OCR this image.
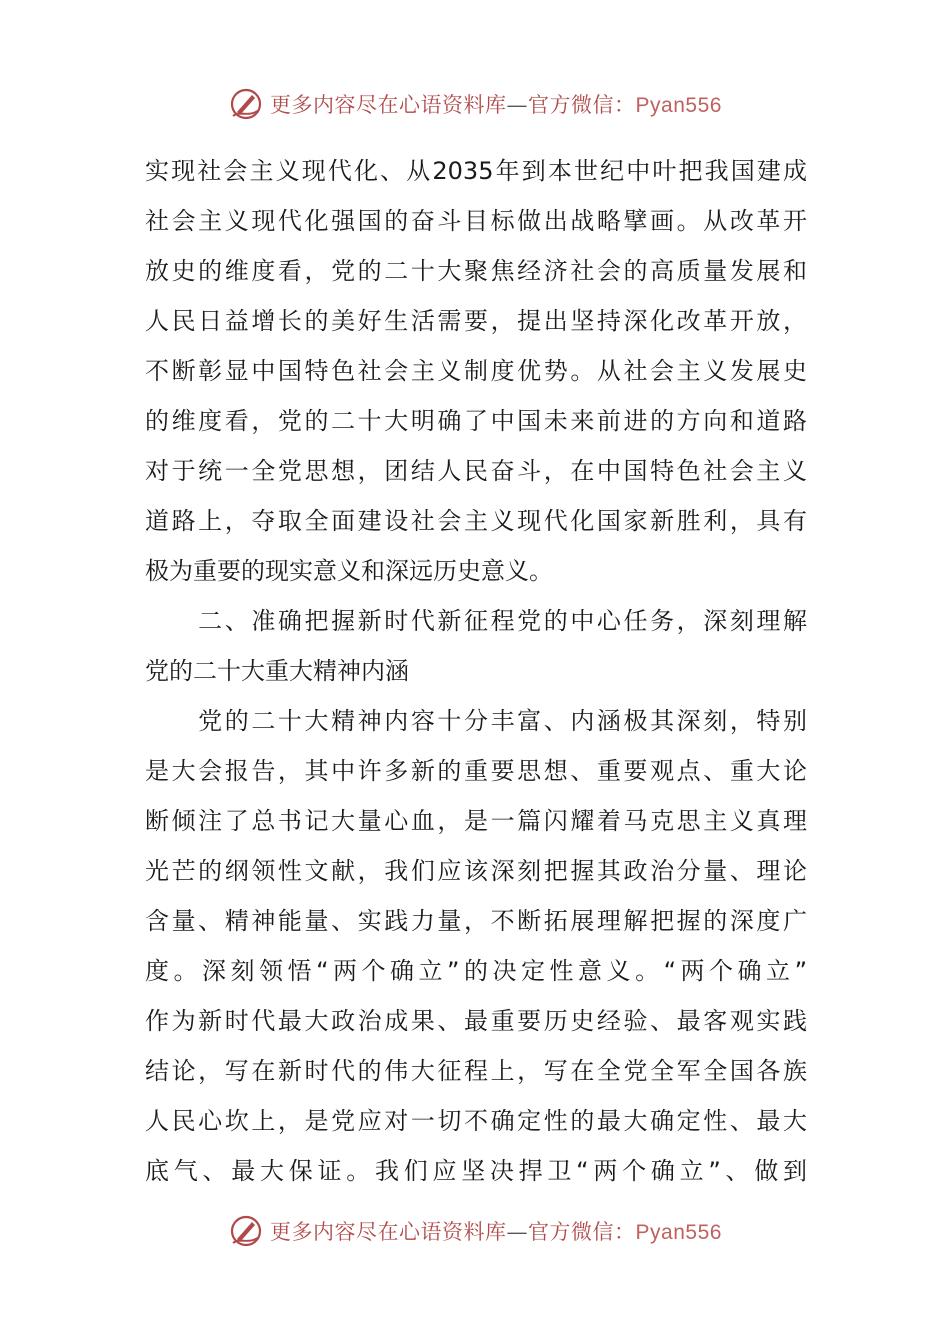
更多内容尽在心语资料库—官方微信：Pyan556
实现社会主义现代化、从2035年到本世纪中叶把我国建成
社会主义现代化强国的奋斗目标做出战略擘画。从改革开
放史的维度看，党的二十大聚焦经济社会的高质量发展和
人民日益增长的美好生活需要，提出坚持深化改革开放，
不断彰显中国特色社会主义制度优势。从社会主义发展史
的维度看，党的二十大明确了中国未来前进的方向和道路
对于统一全党思想，团结人民奋斗，在中国特色社会主义
道路上，夺取全面建设社会主义现代化国家新胜利，具有
极为重要的现实意义和深远历史意义。
　　二、准确把握新时代新征程党的中心任务，深刻理解
党的二十大重大精神内涵
　　党的二十大精神内容十分丰富、内涵极其深刻，特别
是大会报告，其中许多新的重要思想、重要观点、重大论
断倾注了总书记大量心血，是一篇闪耀着马克思主义真理
光芒的纲领性文献，我们应该深刻把握其政治分量、理论
含量、精神能量、实践力量，不断拓展理解把握的深度广
度。深刻领悟“两个确立”的决定性意义。“两个确立”
作为新时代最大政治成果、最重要历史经验、最客观实践
结论，写在新时代的伟大征程上，写在全党全军全国各族
人民心坎上，是党应对一切不确定性的最大确定性、最大
底气、最大保证。我们应坚决捍卫“两个确立”、做到
更多内容尽在心语资料库—官方微信：Pyan556
